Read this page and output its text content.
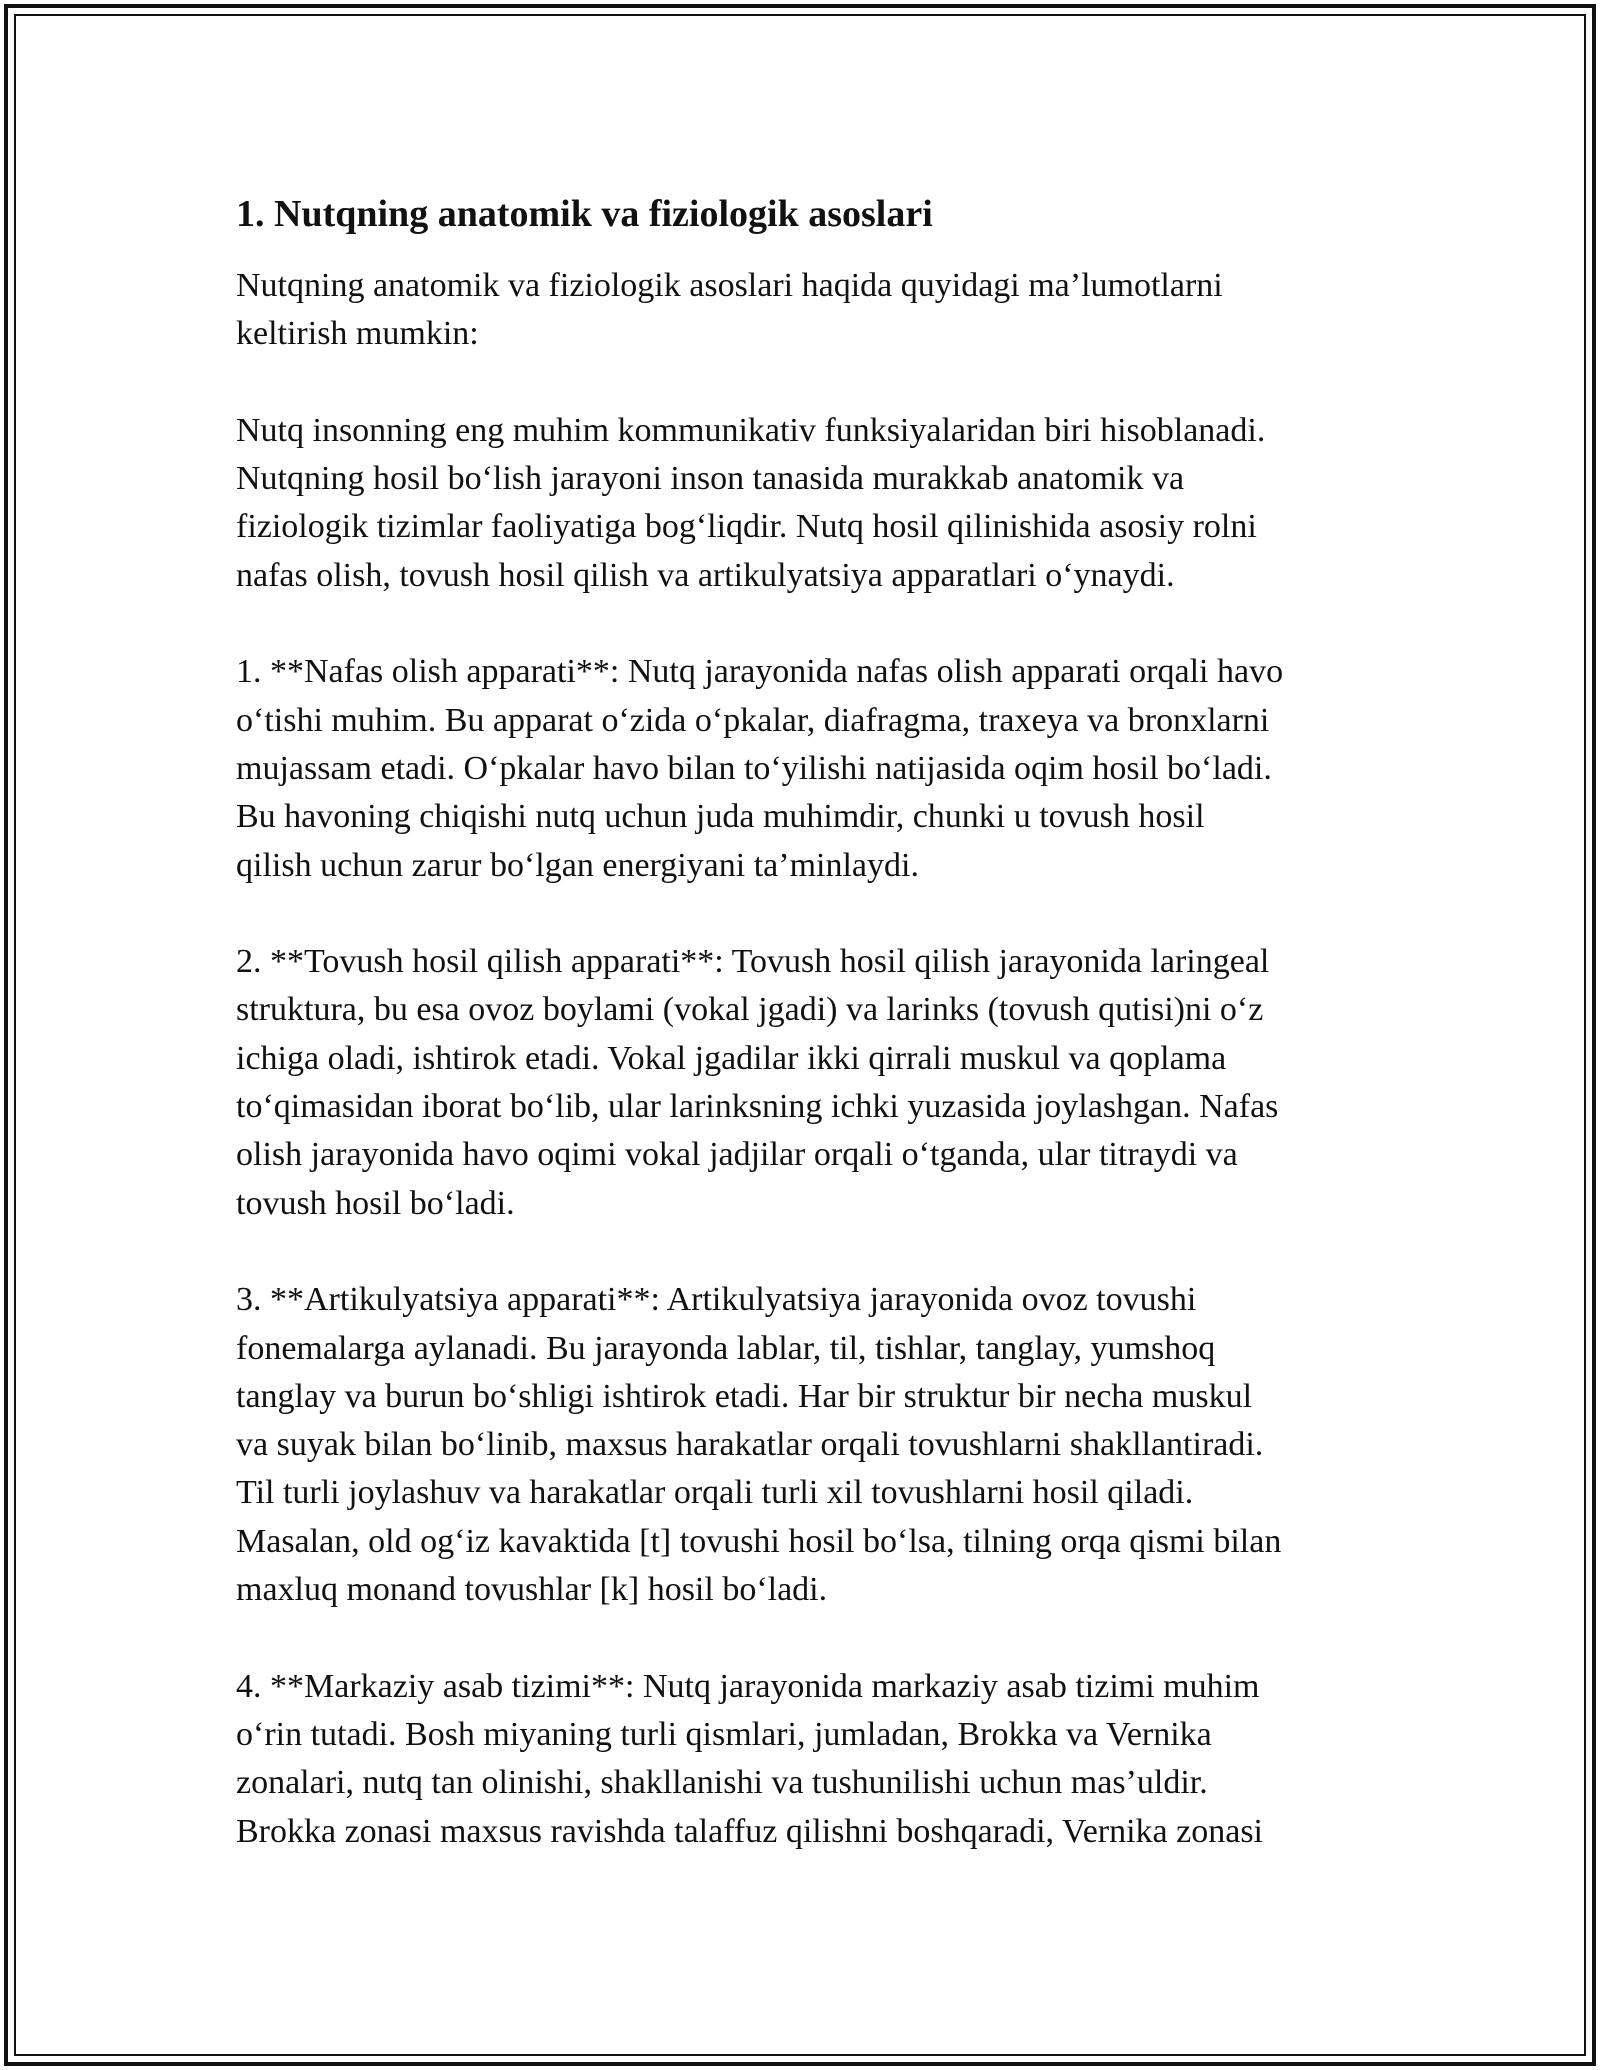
1. Nutqning anatomik va fiziologik asoslari
Nutqning anatomik va fiziologik asoslari haqida quyidagi ma’lumotlarni
keltirish mumkin:
Nutq insonning eng muhim kommunikativ funksiyalaridan biri hisoblanadi.
Nutqning hosil bo‘lish jarayoni inson tanasida murakkab anatomik va
fiziologik tizimlar faoliyatiga bog‘liqdir. Nutq hosil qilinishida asosiy rolni
nafas olish, tovush hosil qilish va artikulyatsiya apparatlari o‘ynaydi.
1. **Nafas olish apparati**: Nutq jarayonida nafas olish apparati orqali havo
o‘tishi muhim. Bu apparat o‘zida o‘pkalar, diafragma, traxeya va bronxlarni
mujassam etadi. O‘pkalar havo bilan to‘yilishi natijasida oqim hosil bo‘ladi.
Bu havoning chiqishi nutq uchun juda muhimdir, chunki u tovush hosil
qilish uchun zarur bo‘lgan energiyani ta’minlaydi.
2. **Tovush hosil qilish apparati**: Tovush hosil qilish jarayonida laringeal
struktura, bu esa ovoz boylami (vokal jgadi) va larinks (tovush qutisi)ni o‘z
ichiga oladi, ishtirok etadi. Vokal jgadilar ikki qirrali muskul va qoplama
to‘qimasidan iborat bo‘lib, ular larinksning ichki yuzasida joylashgan. Nafas
olish jarayonida havo oqimi vokal jadjilar orqali o‘tganda, ular titraydi va
tovush hosil bo‘ladi.
3. **Artikulyatsiya apparati**: Artikulyatsiya jarayonida ovoz tovushi
fonemalarga aylanadi. Bu jarayonda lablar, til, tishlar, tanglay, yumshoq
tanglay va burun bo‘shligi ishtirok etadi. Har bir struktur bir necha muskul
va suyak bilan bo‘linib, maxsus harakatlar orqali tovushlarni shakllantiradi.
Til turli joylashuv va harakatlar orqali turli xil tovushlarni hosil qiladi.
Masalan, old og‘iz kavaktida [t] tovushi hosil bo‘lsa, tilning orqa qismi bilan
maxluq monand tovushlar [k] hosil bo‘ladi.
4. **Markaziy asab tizimi**: Nutq jarayonida markaziy asab tizimi muhim
o‘rin tutadi. Bosh miyaning turli qismlari, jumladan, Brokka va Vernika
zonalari, nutq tan olinishi, shakllanishi va tushunilishi uchun mas’uldir.
Brokka zonasi maxsus ravishda talaffuz qilishni boshqaradi, Vernika zonasi
